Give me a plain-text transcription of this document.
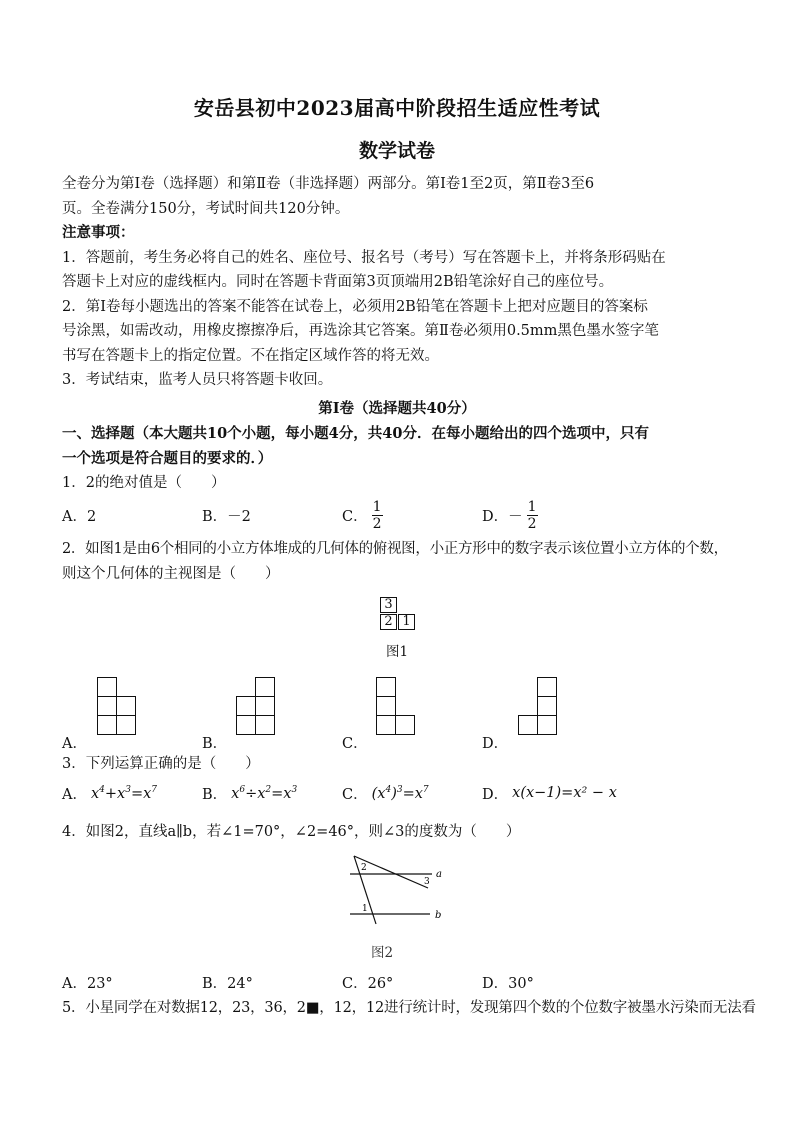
安岳县初中2023届高中阶段招生适应性考试
数学试卷
全卷分为第Ⅰ卷（选择题）和第Ⅱ卷（非选择题）两部分。第Ⅰ卷1至2页，第Ⅱ卷3至6
页。全卷满分150分，考试时间共120分钟。
注意事项：
1．答题前，考生务必将自己的姓名、座位号、报名号（考号）写在答题卡上，并将条形码贴在
答题卡上对应的虚线框内。同时在答题卡背面第3页顶端用2B铅笔涂好自己的座位号。
2．第Ⅰ卷每小题选出的答案不能答在试卷上，必须用2B铅笔在答题卡上把对应题目的答案标
号涂黑，如需改动，用橡皮擦擦净后，再选涂其它答案。第Ⅱ卷必须用0.5mm黑色墨水签字笔
书写在答题卡上的指定位置。不在指定区域作答的将无效。
3．考试结束，监考人员只将答题卡收回。
第Ⅰ卷（选择题共40分）
一、选择题（本大题共10个小题，每小题4分，共40分．在每小题给出的四个选项中，只有
一个选项是符合题目的要求的．）
1．2的绝对值是（　　）
A．2	B．－2	C． $\frac{1}{2}$	D．－ $\frac{1}{2}$
2．如图1是由6个相同的小立方体堆成的几何体的俯视图，小正方形中的数字表示该位置小立方体的个数，
则这个几何体的主视图是（　　）
3
2 1
图1
A．	B．	C．	D．
3．下列运算正确的是（　　）
A． $x^4+x^3=x^7$	B． $x^6\div x^2=x^3$	C． $(x^4)^3=x^7$	D． x(x−1)=x² − x
4．如图2，直线a∥b，若∠1=70°，∠2=46°，则∠3的度数为（　　）
2
3
a
1
b
图2
A．23°	B．24°	C．26°	D．30°
5．小星同学在对数据12，23，36，2■，12，12进行统计时，发现第四个数的个位数字被墨水污染而无法看
